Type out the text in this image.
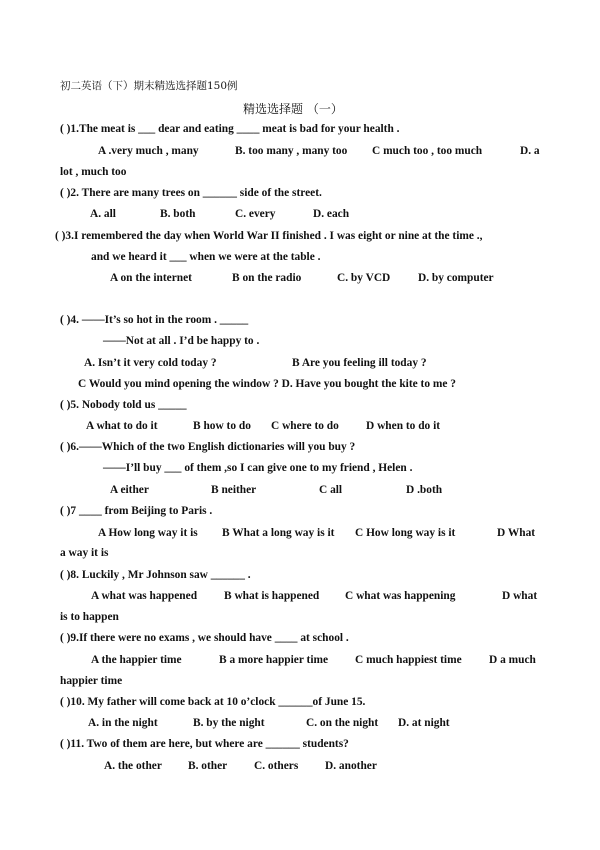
初二英语（下）期末精选选择题150例
精选选择题 （一）
( )1.The meat is ___ dear and eating ____ meat is bad for your health .
A .very much , many	B. too many , many too C much too , too much	D. a
lot , much too
( )2. There are many trees on ______ side of the street.
A. all	B. both	C. every	D. each
( )3.I remembered the day when World War II finished . I was eight or nine at the time .,
and we heard it ___ when we were at the table .
A on the internet	B on the radio	C. by VCD D. by computer
( )4. ——It’s so hot in the room . _____
——Not at all . I’d be happy to .
A. Isn’t it very cold today ?	B Are you feeling ill today ?
C Would you mind opening the window ? D. Have you bought the kite to me ?
( )5. Nobody told us _____
A what to do it	B how to do C where to do D when to do it
( )6.——Which of the two English dictionaries will you buy ?
——I’ll buy ___ of them ,so I can give one to my friend , Helen .
A either	B neither	C all	D .both
( )7 ____ from Beijing to Paris .
A How long way it is B What a long way is it C How long way is it	D What
a way it is
( )8. Luckily , Mr Johnson saw ______ .
A what was happened B what is happened C what was happening	D what
is to happen
( )9.If there were no exams , we should have ____ at school .
A the happier time	B a more happier time C much happiest time D a much
happier time
( )10. My father will come back at 10 o’clock ______of June 15.
A. in the night	B. by the night	C. on the night D. at night
( )11. Two of them are here, but where are ______ students?
A. the other B. other C. others D. another
